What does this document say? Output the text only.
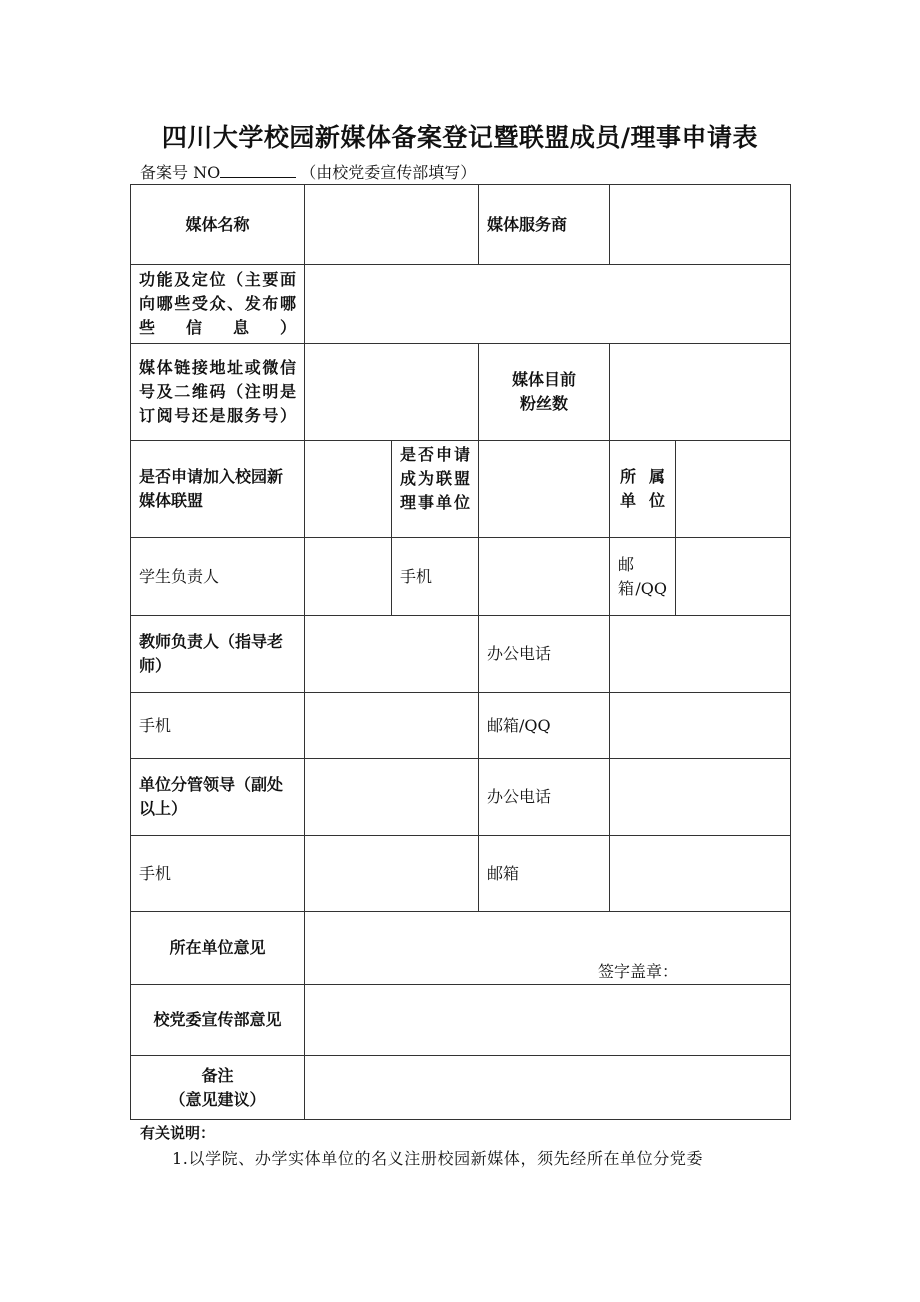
四川大学校园新媒体备案登记暨联盟成员/理事申请表
备案号 NO	（由校党委宣传部填写）
媒体名称			媒体服务商		
功能及定位（主要面向哪些受众、发布哪些信息）					
媒体链接地址或微信号及二维码（注明是订阅号还是服务号）			媒体目前粉丝数		
是否申请加入校园新媒体联盟		是否申请成为联盟理事单位		所属单位	
学生负责人		手机		邮箱/QQ	
教师负责人（指导老师）			办公电话		
手机			邮箱/QQ		
单位分管领导（副处以上）			办公电话		
手机			邮箱		
所在单位意见	签字盖章：				
校党委宣传部意见					

备注
（意见建议）					

有关说明：
1.以学院、办学实体单位的名义注册校园新媒体，须先经所在单位分党委
